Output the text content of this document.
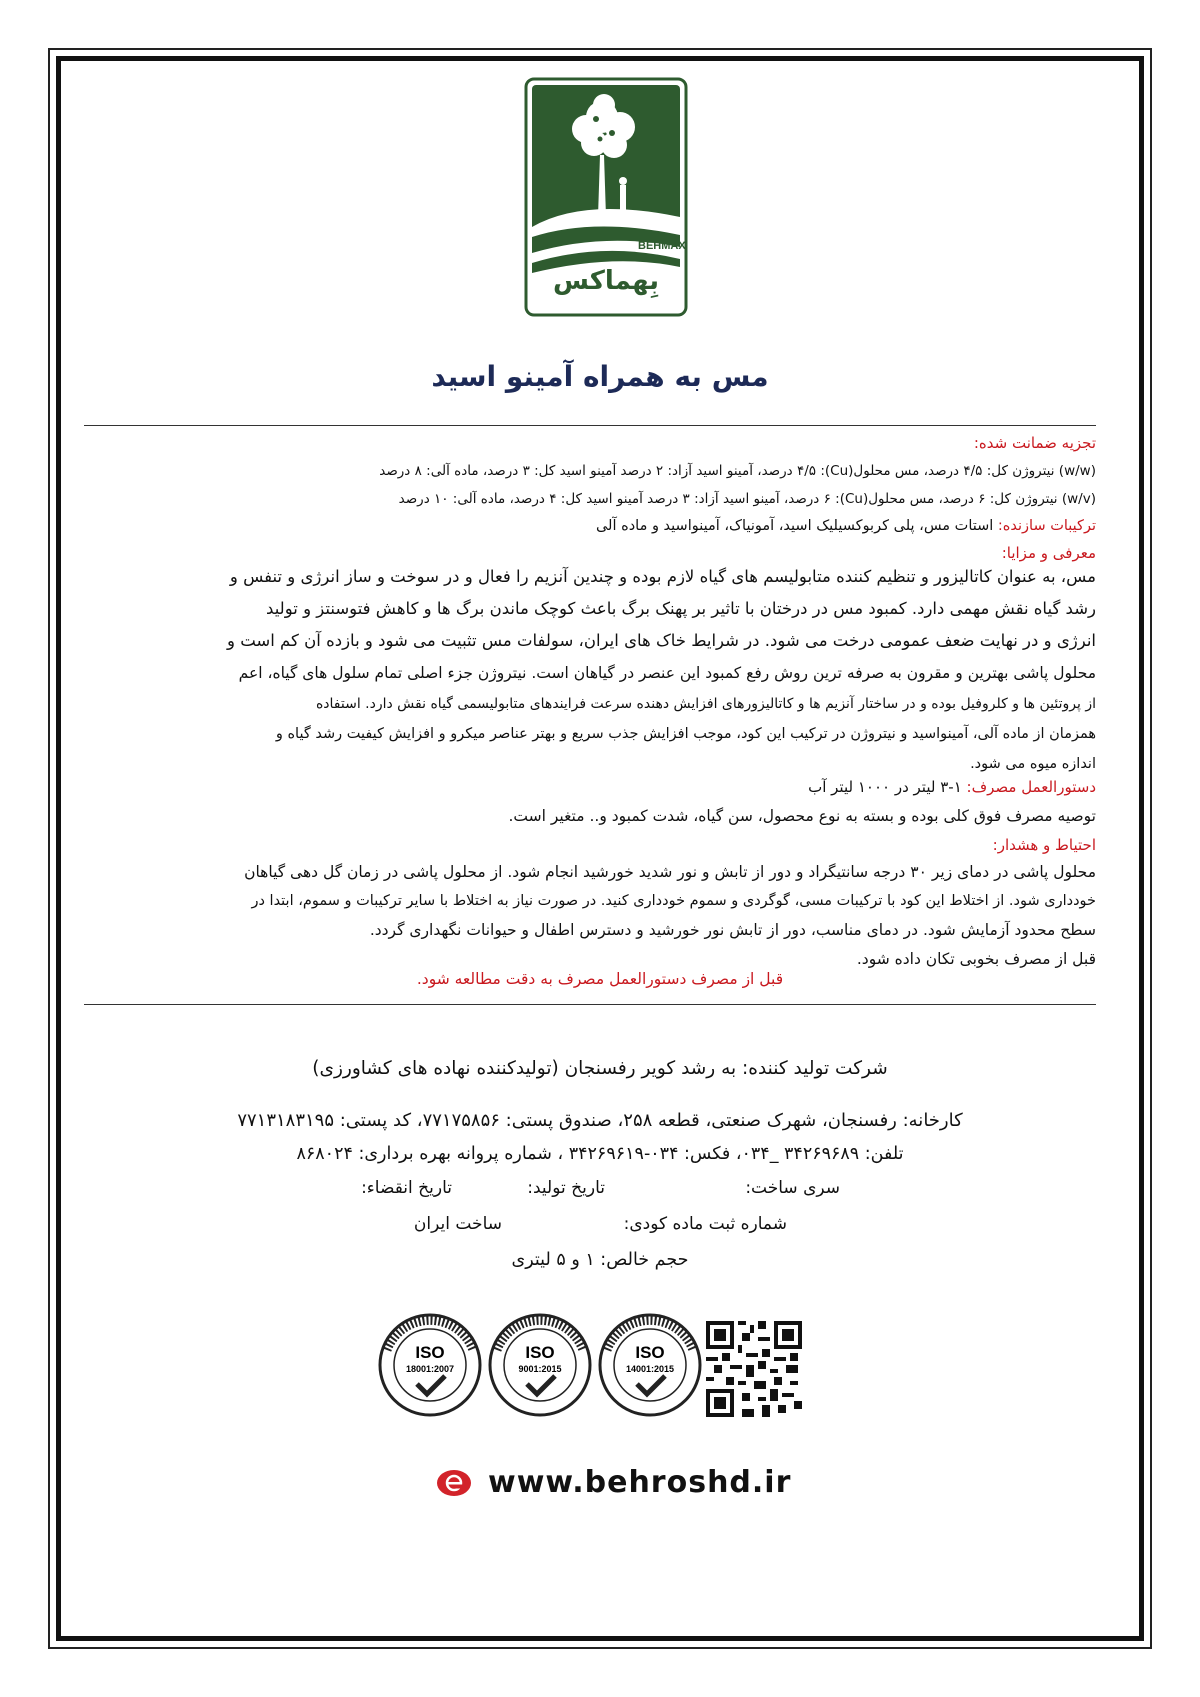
BEHMAX
بِهماکس
مس به همراه آمینو اسید
تجزیه ضمانت شده:
(w/w) نیتروژن کل: ۴/۵ درصد، مس محلول(Cu): ۴/۵ درصد، آمینو اسید آزاد: ۲ درصد آمینو اسید کل: ۳ درصد، ماده آلی: ۸ درصد
(w/v) نیتروژن کل: ۶ درصد، مس محلول(Cu): ۶ درصد، آمینو اسید آزاد: ۳ درصد آمینو اسید کل: ۴ درصد، ماده آلی: ۱۰ درصد
ترکیبات سازنده: استات مس، پلی کربوکسیلیک اسید، آمونیاک، آمینواسید و ماده آلی
معرفی و مزایا:
مس، به عنوان کاتالیزور و تنظیم کننده متابولیسم های گیاه لازم بوده و چندین آنزیم را فعال و در سوخت و ساز انرژی و تنفس و
رشد گیاه نقش مهمی دارد. کمبود مس در درختان با تاثیر بر پهنک برگ باعث کوچک ماندن برگ ها و کاهش فتوسنتز و تولید
انرژی و در نهایت ضعف عمومی درخت می شود. در شرایط خاک های ایران، سولفات مس تثبیت می شود و بازده آن کم است و
محلول پاشی بهترین و مقرون به صرفه ترین روش رفع کمبود این عنصر در گیاهان است. نیتروژن جزء اصلی تمام سلول های گیاه، اعم
از پروتئین ها و کلروفیل بوده و در ساختار آنزیم ها و کاتالیزورهای افزایش دهنده سرعت فرایندهای متابولیسمی گیاه نقش دارد. استفاده
همزمان از ماده آلی، آمینواسید و نیتروژن در ترکیب این کود، موجب افزایش جذب سریع و بهتر عناصر میکرو و افزایش کیفیت رشد گیاه و
اندازه میوه می شود.
دستورالعمل مصرف: ۱-۳ لیتر در ۱۰۰۰ لیتر آب
توصیه مصرف فوق کلی بوده و بسته به نوع محصول، سن گیاه، شدت کمبود و.. متغیر است.
احتیاط و هشدار:
محلول پاشی در دمای زیر ۳۰ درجه سانتیگراد و دور از تابش و نور شدید خورشید انجام شود. از محلول پاشی در زمان گل دهی گیاهان
خودداری شود. از اختلاط این کود با ترکیبات مسی، گوگردی و سموم خودداری کنید. در صورت نیاز به اختلاط با سایر ترکیبات و سموم، ابتدا در
سطح محدود آزمایش شود. در دمای مناسب، دور از تابش نور خورشید و دسترس اطفال و حیوانات نگهداری گردد.
قبل از مصرف بخوبی تکان داده شود.
قبل از مصرف دستورالعمل مصرف به دقت مطالعه شود.
شرکت تولید کننده: به رشد کویر رفسنجان (تولیدکننده نهاده های کشاورزی)
کارخانه: رفسنجان، شهرک صنعتی، قطعه ۲۵۸، صندوق پستی: ۷۷۱۷۵۸۵۶، کد پستی: ۷۷۱۳۱۸۳۱۹۵
تلفن: ۳۴۲۶۹۶۸۹ _۰۳۴، فکس: ۰۳۴-۳۴۲۶۹۶۱۹ ، شماره پروانه بهره برداری: ۸۶۸۰۲۴
سری ساخت:
تاریخ تولید:
تاریخ انقضاء:
شماره ثبت ماده کودی:
ساخت ایران
حجم خالص: ۱ و ۵ لیتری
ISO
18001:2007
ISO
9001:2015
ISO
14001:2015
www.behroshd.ir
